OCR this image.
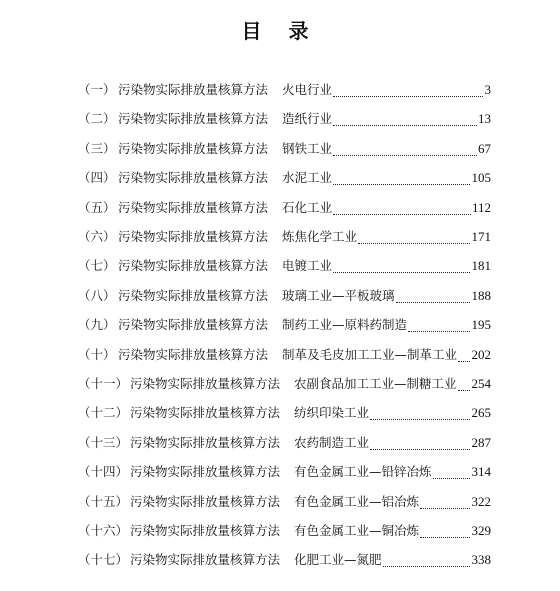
目 录
（一） 污染物实际排放量核算方法 火电行业	3
（二） 污染物实际排放量核算方法 造纸行业	13
（三） 污染物实际排放量核算方法 钢铁工业	67
（四） 污染物实际排放量核算方法 水泥工业	105
（五） 污染物实际排放量核算方法 石化工业	112
（六） 污染物实际排放量核算方法 炼焦化学工业	171
（七） 污染物实际排放量核算方法 电镀工业	181
（八） 污染物实际排放量核算方法 玻璃工业—平板玻璃	188
（九） 污染物实际排放量核算方法 制药工业—原料药制造	195
（十） 污染物实际排放量核算方法 制革及毛皮加工工业—制革工业 202
（十一） 污染物实际排放量核算方法 农副食品加工工业—制糖工业 254
（十二） 污染物实际排放量核算方法 纺织印染工业	265
（十三） 污染物实际排放量核算方法 农药制造工业	287
（十四） 污染物实际排放量核算方法 有色金属工业—铅锌冶炼	314
（十五） 污染物实际排放量核算方法 有色金属工业—铝冶炼	322
（十六） 污染物实际排放量核算方法 有色金属工业—铜冶炼	329
（十七） 污染物实际排放量核算方法 化肥工业—氮肥	338
